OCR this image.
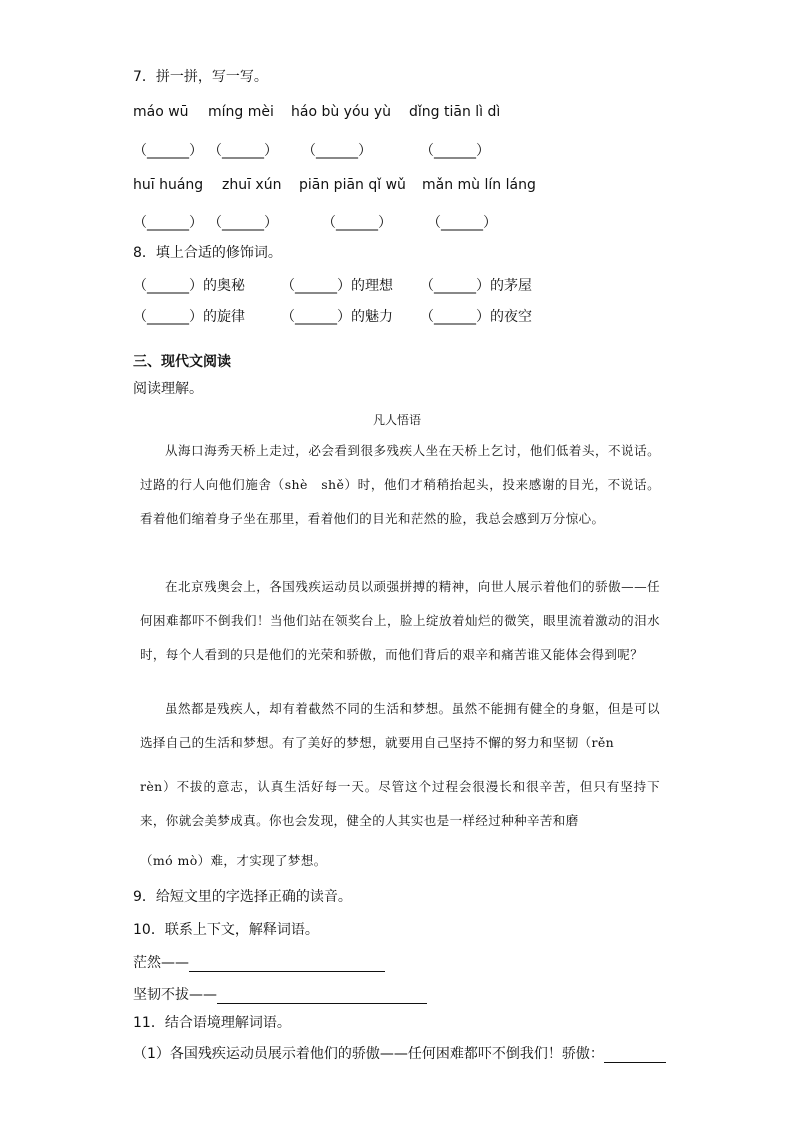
7．拼一拼，写一写。
máo wū míng mèi háo bù yóu yù dǐng tiān lì dì
（______） （______） （______）	（______）
huī huáng zhuī xún piān piān qǐ wǔ mǎn mù lín láng
（______） （______）	（______）	（______）
8．填上合适的修饰词。
（______）的奥秘	（______）的理想 （______）的茅屋
（______）的旋律	（______）的魅力 （______）的夜空
三、现代文阅读
阅读理解。
凡人悟语
从海口海秀天桥上走过，必会看到很多残疾人坐在天桥上乞讨，他们低着头，不说话。过路的行人向他们施舍（shè　shě）时，他们才稍稍抬起头，投来感谢的目光，不说话。看着他们缩着身子坐在那里，看着他们的目光和茫然的脸，我总会感到万分惊心。
在北京残奥会上，各国残疾运动员以顽强拼搏的精神，向世人展示着他们的骄傲——任何困难都吓不倒我们！当他们站在领奖台上，脸上绽放着灿烂的微笑，眼里流着激动的泪水时，每个人看到的只是他们的光荣和骄傲，而他们背后的艰辛和痛苦谁又能体会得到呢？
虽然都是残疾人，却有着截然不同的生活和梦想。虽然不能拥有健全的身躯，但是可以选择自己的生活和梦想。有了美好的梦想，就要用自己坚持不懈的努力和坚韧（rěn
rèn）不拔的意志，认真生活好每一天。尽管这个过程会很漫长和很辛苦，但只有坚持下来，你就会美梦成真。你也会发现，健全的人其实也是一样经过种种辛苦和磨
（mó mò）难，才实现了梦想。
9．给短文里的字选择正确的读音。
10．联系上下文，解释词语。
茫然——
坚韧不拔——
11．结合语境理解词语。
（1）各国残疾运动员展示着他们的骄傲——任何困难都吓不倒我们！骄傲：
